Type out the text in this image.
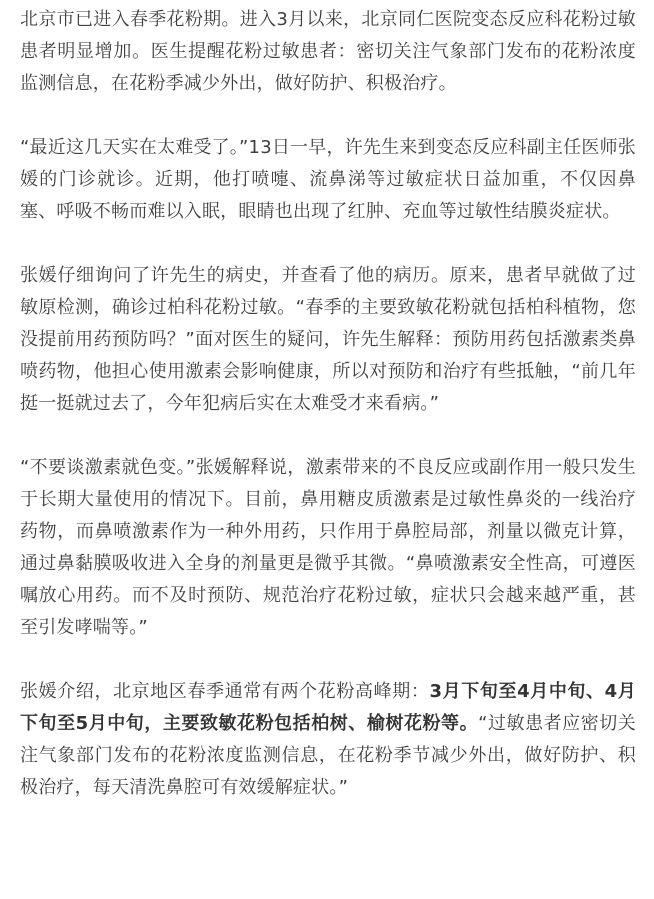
北京市已进入春季花粉期。进入3月以来，北京同仁医院变态反应科花粉过敏患者明显增加。医生提醒花粉过敏患者：密切关注气象部门发布的花粉浓度监测信息，在花粉季减少外出，做好防护、积极治疗。

“最近这几天实在太难受了。”13日一早，许先生来到变态反应科副主任医师张媛的门诊就诊。近期，他打喷嚏、流鼻涕等过敏症状日益加重，不仅因鼻塞、呼吸不畅而难以入眠，眼睛也出现了红肿、充血等过敏性结膜炎症状。

张媛仔细询问了许先生的病史，并查看了他的病历。原来，患者早就做了过敏原检测，确诊过柏科花粉过敏。“春季的主要致敏花粉就包括柏科植物，您没提前用药预防吗？”面对医生的疑问，许先生解释：预防用药包括激素类鼻喷药物，他担心使用激素会影响健康，所以对预防和治疗有些抵触，“前几年挺一挺就过去了，今年犯病后实在太难受才来看病。”

“不要谈激素就色变。”张媛解释说，激素带来的不良反应或副作用一般只发生于长期大量使用的情况下。目前，鼻用糖皮质激素是过敏性鼻炎的一线治疗药物，而鼻喷激素作为一种外用药，只作用于鼻腔局部，剂量以微克计算，通过鼻黏膜吸收进入全身的剂量更是微乎其微。“鼻喷激素安全性高，可遵医嘱放心用药。而不及时预防、规范治疗花粉过敏，症状只会越来越严重，甚至引发哮喘等。”

张媛介绍，北京地区春季通常有两个花粉高峰期：3月下旬至4月中旬、4月下旬至5月中旬，主要致敏花粉包括柏树、榆树花粉等。“过敏患者应密切关注气象部门发布的花粉浓度监测信息，在花粉季节减少外出，做好防护、积极治疗，每天清洗鼻腔可有效缓解症状。”
